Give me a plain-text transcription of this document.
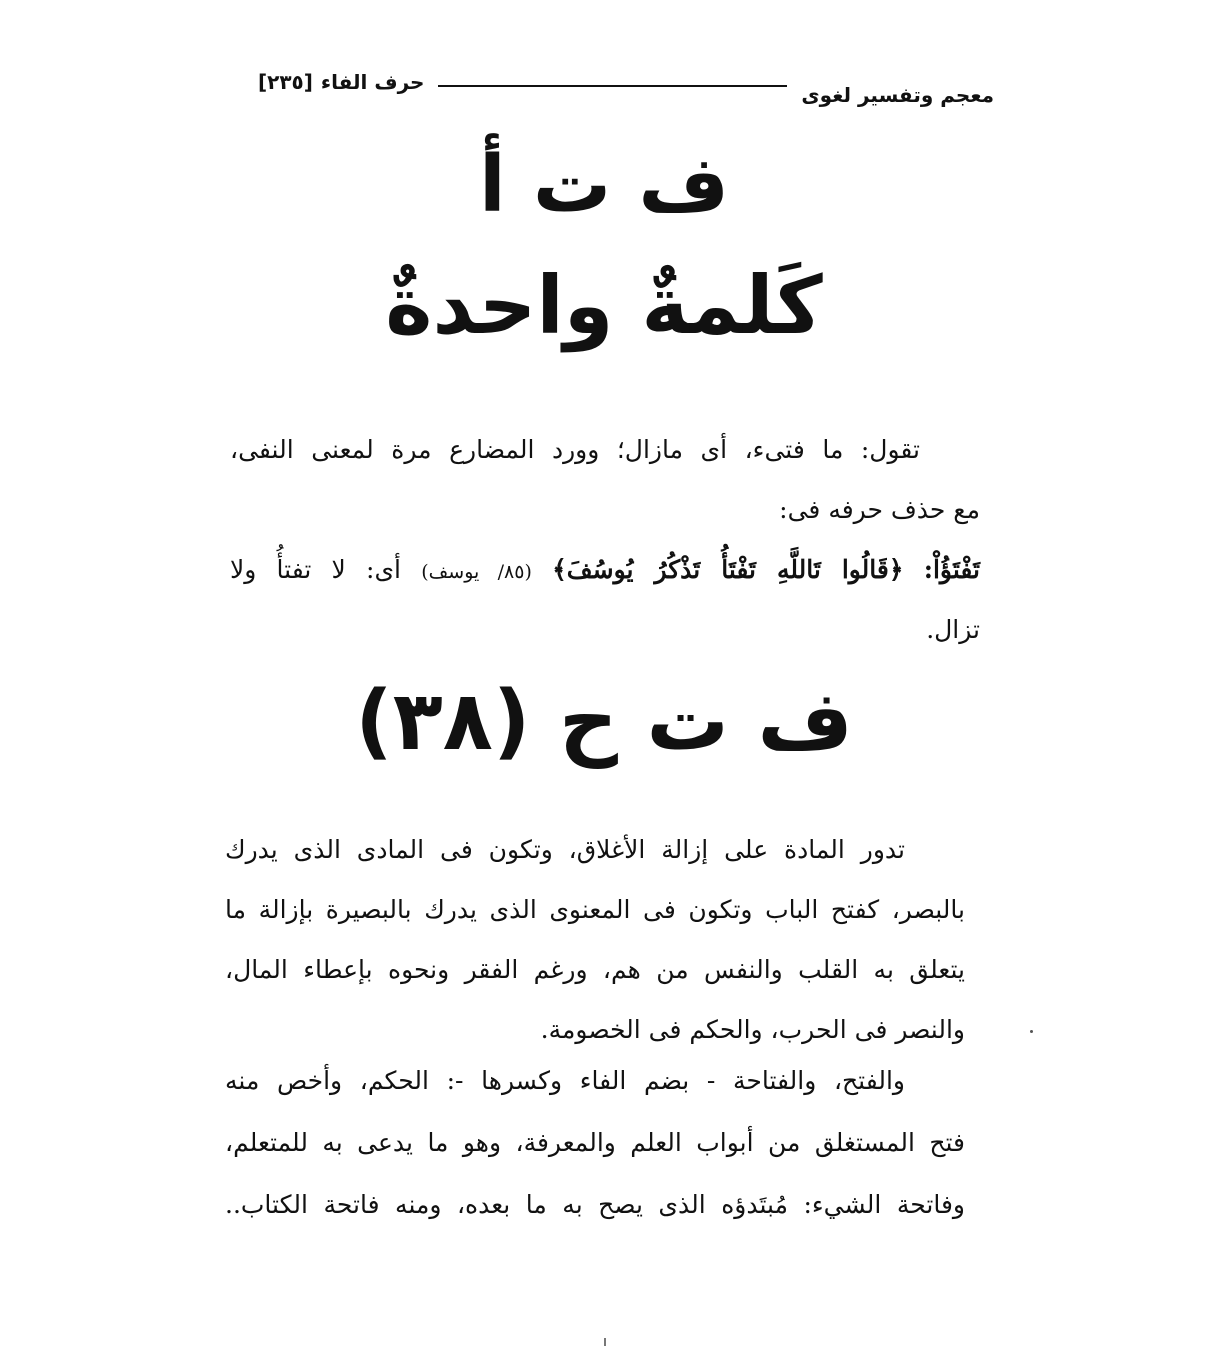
معجم وتفسير لغوى
حرف الفاء
[٢٣٥]
ف ت أ
كَلمةٌ واحدةٌ
تقول: ما فتىء، أى مازال؛ وورد المضارع مرة لمعنى النفى،
مع حذف حرفه فى:
تَفْتَؤُاْ: ﴿قَالُوا تَاللَّهِ تَفْتَأُ تَذْكُرُ يُوسُفَ﴾ (٨٥/ يوسف) أى: لا تفتأُ ولا
تزال.
ف ت ح (٣٨)
تدور المادة على إزالة الأغلاق، وتكون فى المادى الذى يدرك
بالبصر، كفتح الباب وتكون فى المعنوى الذى يدرك بالبصيرة بإزالة ما
يتعلق به القلب والنفس من هم، ورغم الفقر ونحوه بإعطاء المال،
والنصر فى الحرب، والحكم فى الخصومة.
والفتح، والفتاحة - بضم الفاء وكسرها -: الحكم، وأخص منه
فتح المستغلق من أبواب العلم والمعرفة، وهو ما يدعى به للمتعلم،
وفاتحة الشيء: مُبتَدؤه الذى يصح به ما بعده، ومنه فاتحة الكتاب..
